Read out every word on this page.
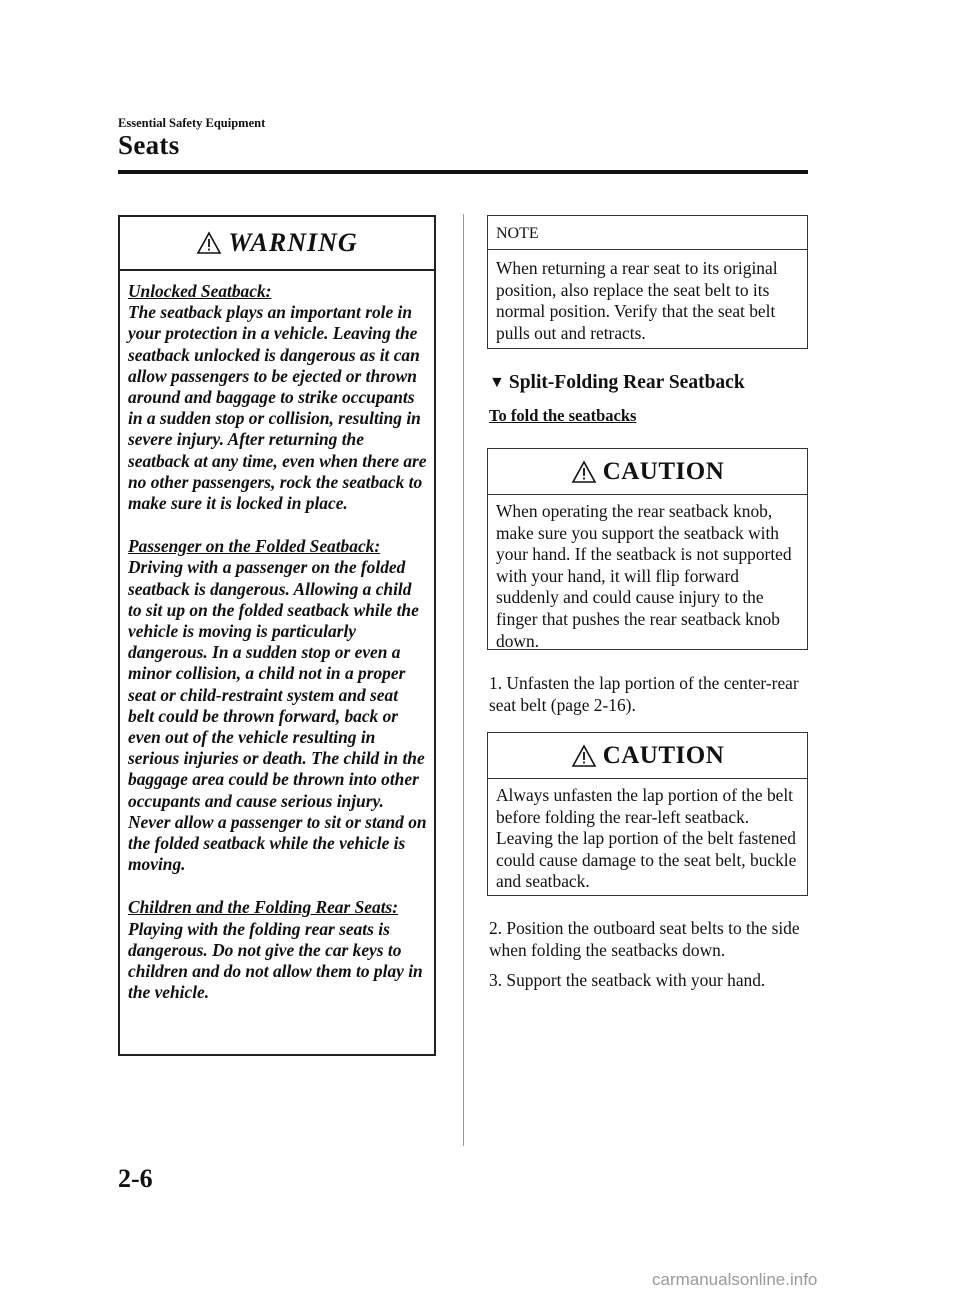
Essential Safety Equipment
Seats
WARNING

Unlocked Seatback:
The seatback plays an important role in your protection in a vehicle. Leaving the seatback unlocked is dangerous as it can allow passengers to be ejected or thrown around and baggage to strike occupants in a sudden stop or collision, resulting in severe injury. After returning the seatback at any time, even when there are no other passengers, rock the seatback to make sure it is locked in place.

Passenger on the Folded Seatback:
Driving with a passenger on the folded seatback is dangerous. Allowing a child to sit up on the folded seatback while the vehicle is moving is particularly dangerous. In a sudden stop or even a minor collision, a child not in a proper seat or child-restraint system and seat belt could be thrown forward, back or even out of the vehicle resulting in serious injuries or death. The child in the baggage area could be thrown into other occupants and cause serious injury. Never allow a passenger to sit or stand on the folded seatback while the vehicle is moving.

Children and the Folding Rear Seats:
Playing with the folding rear seats is dangerous. Do not give the car keys to children and do not allow them to play in the vehicle.

NOTE
When returning a rear seat to its original position, also replace the seat belt to its normal position. Verify that the seat belt pulls out and retracts.
▼ Split-Folding Rear Seatback
To fold the seatbacks
CAUTION
When operating the rear seatback knob, make sure you support the seatback with your hand. If the seatback is not supported with your hand, it will flip forward suddenly and could cause injury to the finger that pushes the rear seatback knob down.
1. Unfasten the lap portion of the center-rear seat belt (page 2-16).
CAUTION
Always unfasten the lap portion of the belt before folding the rear-left seatback. Leaving the lap portion of the belt fastened could cause damage to the seat belt, buckle and seatback.
2. Position the outboard seat belts to the side when folding the seatbacks down.
3. Support the seatback with your hand.
2-6
carmanualsonline.info
